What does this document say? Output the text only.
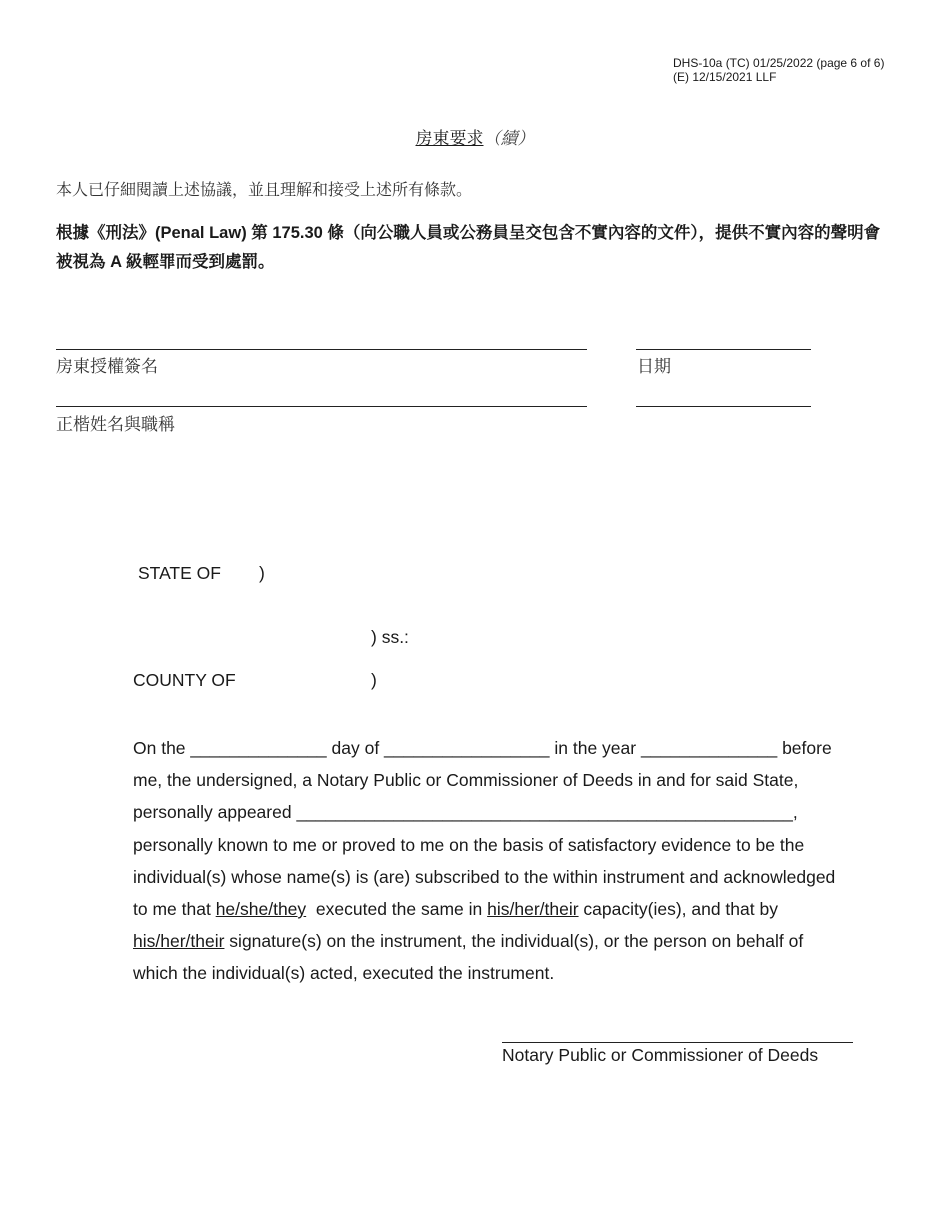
DHS-10a (TC) 01/25/2022 (page 6 of 6)
(E) 12/15/2021 LLF
房東要求（續）
本人已仔細閱讀上述協議，並且理解和接受上述所有條款。
根據《刑法》(Penal Law) 第 175.30 條（向公職人員或公務員呈交包含不實內容的文件），提供不實內容的聲明會被視為 A 級輕罪而受到處罰。
房東授權簽名	日期
正楷姓名與職稱
STATE OF )
) ss.:
COUNTY OF	)
On the ______________ day of _________________ in the year ______________ before
me, the undersigned, a Notary Public or Commissioner of Deeds in and for said State,
personally appeared ___________________________________________________,
personally known to me or proved to me on the basis of satisfactory evidence to be the
individual(s) whose name(s) is (are) subscribed to the within instrument and acknowledged
to me that he/she/they  executed the same in his/her/their capacity(ies), and that by
his/her/their signature(s) on the instrument, the individual(s), or the person on behalf of
which the individual(s) acted, executed the instrument.
Notary Public or Commissioner of Deeds
